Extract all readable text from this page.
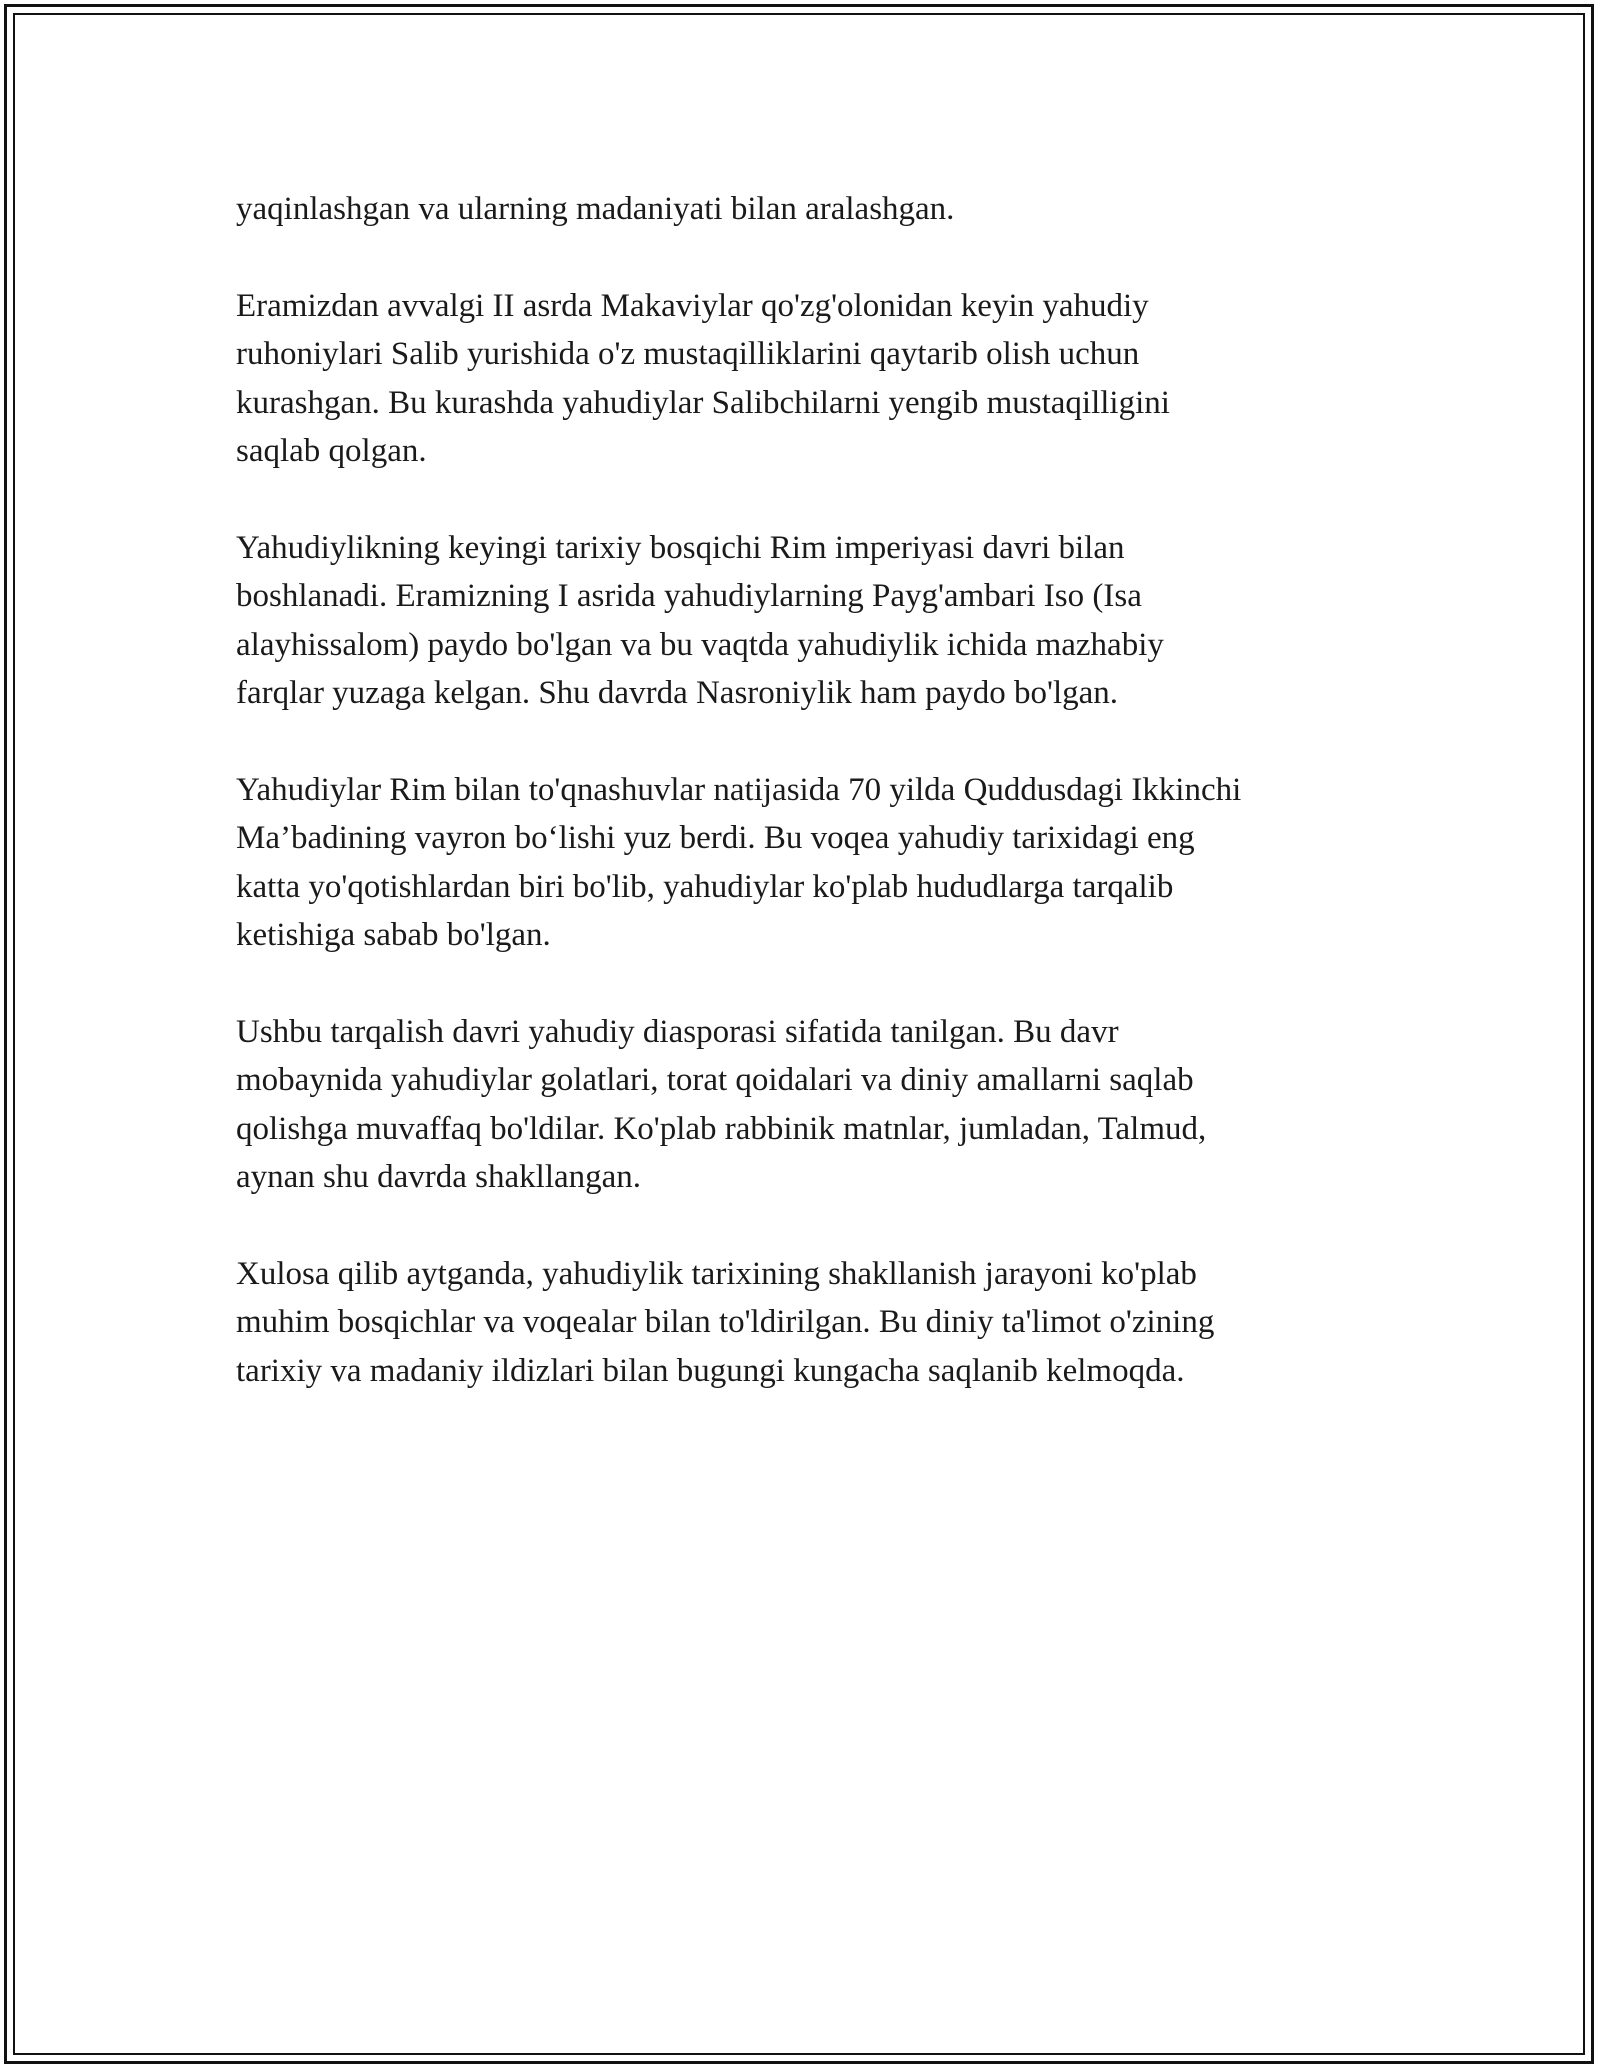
yaqinlashgan va ularning madaniyati bilan aralashgan.

Eramizdan avvalgi II asrda Makaviylar qo'zg'olonidan keyin yahudiy
ruhoniylari Salib yurishida o'z mustaqilliklarini qaytarib olish uchun
kurashgan. Bu kurashda yahudiylar Salibchilarni yengib mustaqilligini
saqlab qolgan.

Yahudiylikning keyingi tarixiy bosqichi Rim imperiyasi davri bilan
boshlanadi. Eramizning I asrida yahudiylarning Payg'ambari Iso (Isa
alayhissalom) paydo bo'lgan va bu vaqtda yahudiylik ichida mazhabiy
farqlar yuzaga kelgan. Shu davrda Nasroniylik ham paydo bo'lgan.

Yahudiylar Rim bilan to'qnashuvlar natijasida 70 yilda Quddusdagi Ikkinchi
Ma’badining vayron bo‘lishi yuz berdi. Bu voqea yahudiy tarixidagi eng
katta yo'qotishlardan biri bo'lib, yahudiylar ko'plab hududlarga tarqalib
ketishiga sabab bo'lgan.

Ushbu tarqalish davri yahudiy diasporasi sifatida tanilgan. Bu davr
mobaynida yahudiylar golatlari, torat qoidalari va diniy amallarni saqlab
qolishga muvaffaq bo'ldilar. Ko'plab rabbinik matnlar, jumladan, Talmud,
aynan shu davrda shakllangan.

Xulosa qilib aytganda, yahudiylik tarixining shakllanish jarayoni ko'plab
muhim bosqichlar va voqealar bilan to'ldirilgan. Bu diniy ta'limot o'zining
tarixiy va madaniy ildizlari bilan bugungi kungacha saqlanib kelmoqda.
